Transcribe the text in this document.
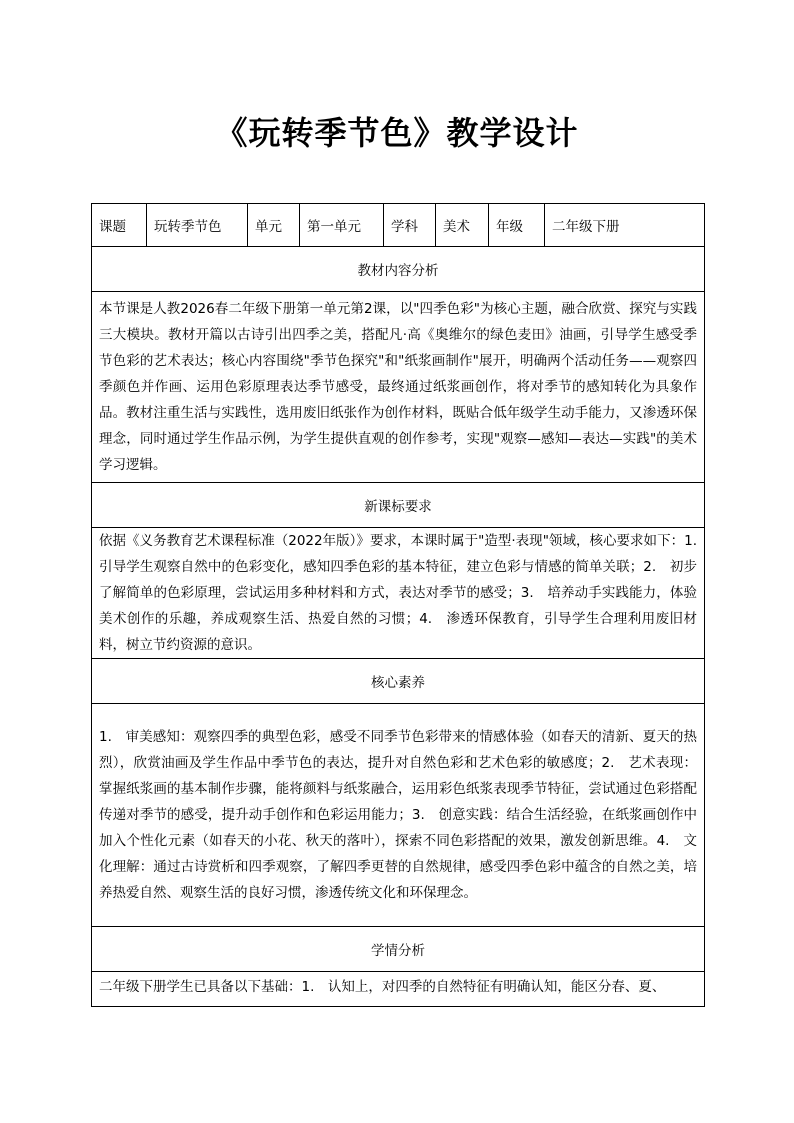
《玩转季节色》教学设计
课题	玩转季节色	单元	第一单元	学科	美术	年级	二年级下册
教材内容分析
本节课是人教2026春二年级下册第一单元第2课，以"四季色彩"为核心主题，融合欣赏、探究与实践三大模块。教材开篇以古诗引出四季之美，搭配凡·高《奥维尔的绿色麦田》油画，引导学生感受季节色彩的艺术表达；核心内容围绕"季节色探究"和"纸浆画制作"展开，明确两个活动任务——观察四季颜色并作画、运用色彩原理表达季节感受，最终通过纸浆画创作，将对季节的感知转化为具象作品。教材注重生活与实践性，选用废旧纸张作为创作材料，既贴合低年级学生动手能力，又渗透环保理念，同时通过学生作品示例，为学生提供直观的创作参考，实现"观察—感知—表达—实践"的美术学习逻辑。
新课标要求
依据《义务教育艺术课程标准（2022年版）》要求，本课时属于"造型·表现"领域，核心要求如下：1.　引导学生观察自然中的色彩变化，感知四季色彩的基本特征，建立色彩与情感的简单关联；2.　初步了解简单的色彩原理，尝试运用多种材料和方式，表达对季节的感受；3.　培养动手实践能力，体验美术创作的乐趣，养成观察生活、热爱自然的习惯；4.　渗透环保教育，引导学生合理利用废旧材料，树立节约资源的意识。
核心素养
1.　审美感知：观察四季的典型色彩，感受不同季节色彩带来的情感体验（如春天的清新、夏天的热烈），欣赏油画及学生作品中季节色的表达，提升对自然色彩和艺术色彩的敏感度；2.　艺术表现：掌握纸浆画的基本制作步骤，能将颜料与纸浆融合，运用彩色纸浆表现季节特征，尝试通过色彩搭配传递对季节的感受，提升动手创作和色彩运用能力；3.　创意实践：结合生活经验，在纸浆画创作中加入个性化元素（如春天的小花、秋天的落叶），探索不同色彩搭配的效果，激发创新思维。4.　文化理解：通过古诗赏析和四季观察，了解四季更替的自然规律，感受四季色彩中蕴含的自然之美，培养热爱自然、观察生活的良好习惯，渗透传统文化和环保理念。
学情分析

二年级下册学生已具备以下基础：1.　认知上，对四季的自然特征有明确认知，能区分春、夏、
